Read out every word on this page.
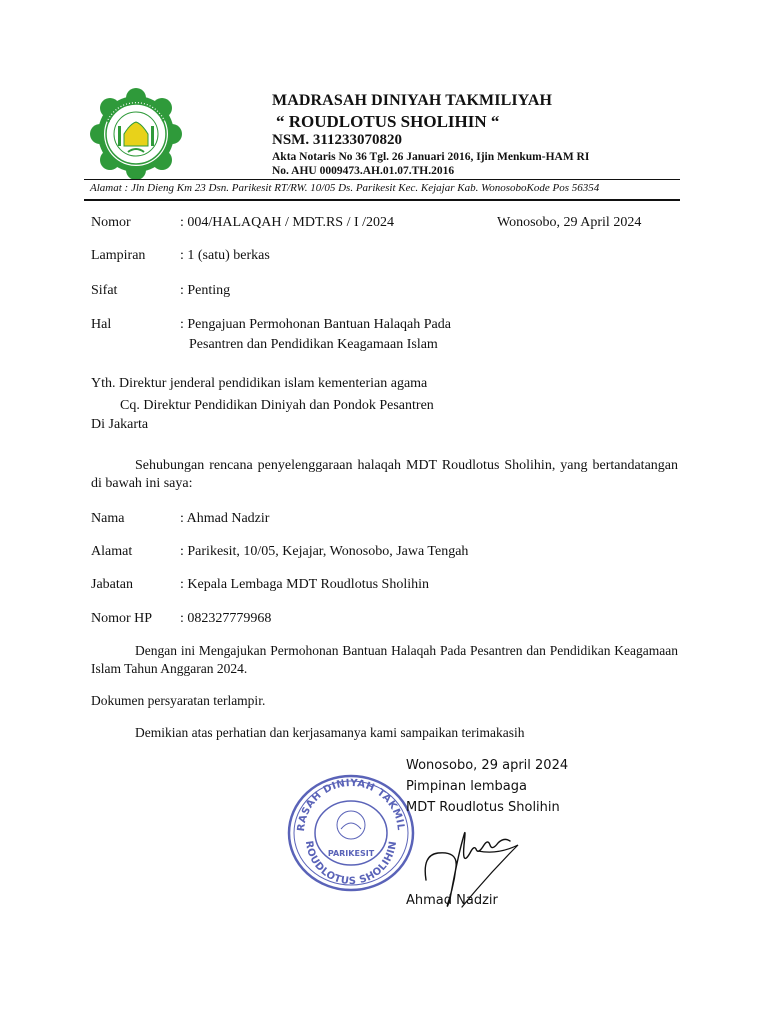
MADRASAH DINIYAH TAKMILIYAH
“ ROUDLOTUS SHOLIHIN “
NSM. 311233070820
Akta Notaris No 36 Tgl. 26 Januari 2016, Ijin Menkum-HAM RI
No. AHU 0009473.AH.01.07.TH.2016
Alamat : Jln Dieng Km 23 Dsn. Parikesit RT/RW. 10/05 Ds. Parikesit Kec. Kejajar Kab. WonosoboKode Pos 56354
Nomor	: 004/HALAQAH / MDT.RS / I /2024	Wonosobo, 29 April 2024
Lampiran	: 1 (satu) berkas
Sifat	: Penting
Hal	: Pengajuan Permohonan Bantuan Halaqah Pada
Pesantren dan Pendidikan Keagamaan Islam
Yth. Direktur jenderal pendidikan islam kementerian agama
Cq. Direktur Pendidikan Diniyah dan Pondok Pesantren
Di Jakarta
Sehubungan rencana penyelenggaraan halaqah MDT Roudlotus Sholihin, yang bertandatangan di bawah ini saya:
Nama	: Ahmad Nadzir
Alamat	: Parikesit, 10/05, Kejajar, Wonosobo, Jawa Tengah
Jabatan	: Kepala Lembaga MDT Roudlotus Sholihin
Nomor HP	: 082327779968
Dengan ini Mengajukan Permohonan Bantuan Halaqah Pada Pesantren dan Pendidikan Keagamaan Islam Tahun Anggaran 2024.
Dokumen persyaratan terlampir.
Demikian atas perhatian dan kerjasamanya kami sampaikan terimakasih
RASAH DINIYAH TAKMIL
ROUDLOTUS SHOLIHIN
PARIKESIT
Wonosobo, 29 april 2024
Pimpinan lembaga
MDT Roudlotus Sholihin
Ahmad Nadzir
